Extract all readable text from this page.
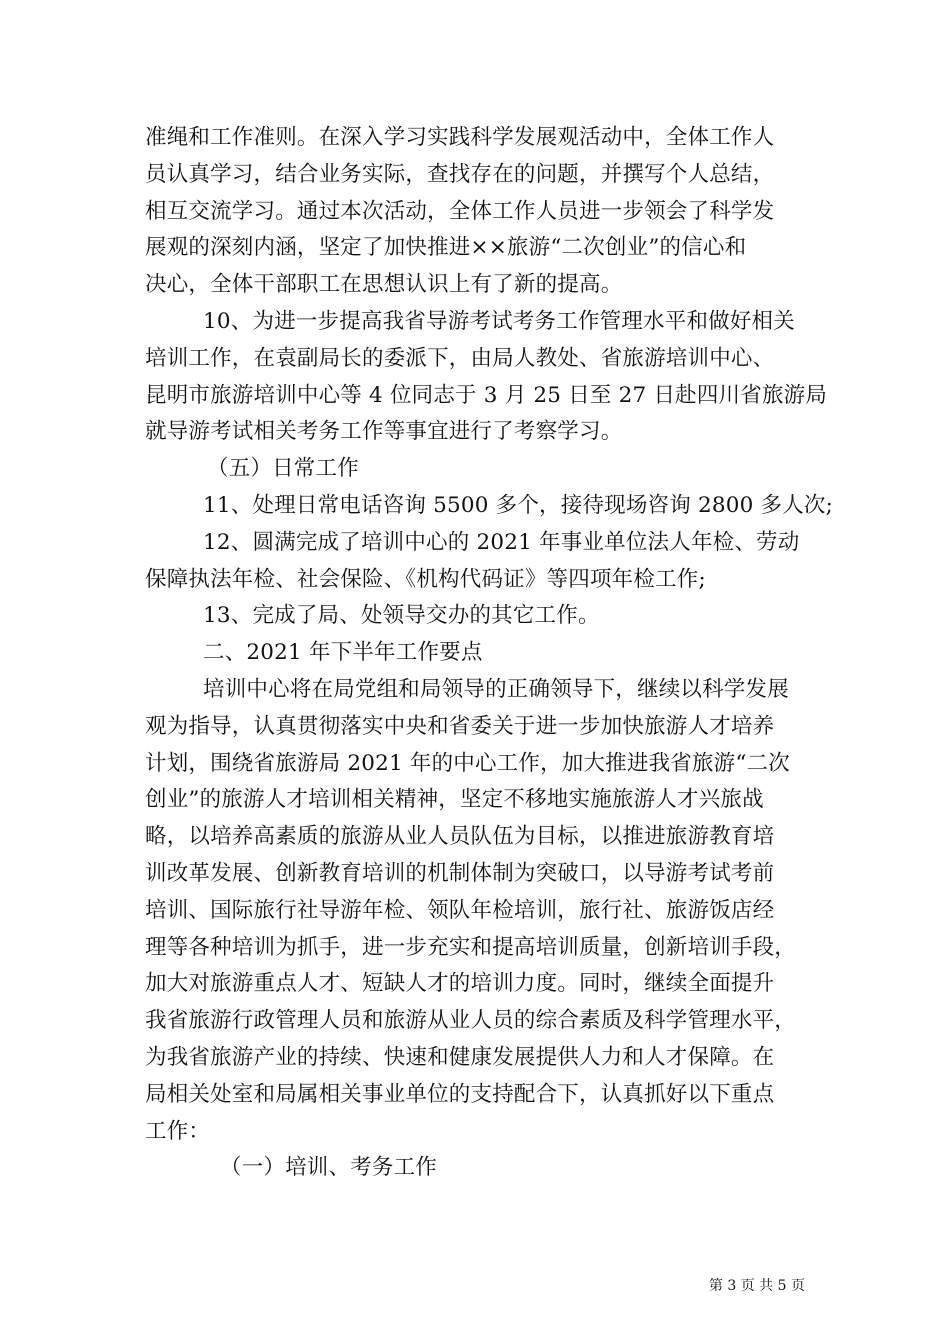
准绳和工作准则。在深入学习实践科学发展观活动中，全体工作人
员认真学习，结合业务实际，查找存在的问题，并撰写个人总结，
相互交流学习。通过本次活动，全体工作人员进一步领会了科学发
展观的深刻内涵，坚定了加快推进××旅游“二次创业”的信心和
决心，全体干部职工在思想认识上有了新的提高。
10、为进一步提高我省导游考试考务工作管理水平和做好相关
培训工作，在袁副局长的委派下，由局人教处、省旅游培训中心、
昆明市旅游培训中心等 4 位同志于 3 月 25 日至 27 日赴四川省旅游局
就导游考试相关考务工作等事宜进行了考察学习。
（五）日常工作
11、处理日常电话咨询 5500 多个，接待现场咨询 2800 多人次;
12、圆满完成了培训中心的 2021 年事业单位法人年检、劳动
保障执法年检、社会保险、《机构代码证》等四项年检工作;
13、完成了局、处领导交办的其它工作。
二、2021 年下半年工作要点
培训中心将在局党组和局领导的正确领导下，继续以科学发展
观为指导，认真贯彻落实中央和省委关于进一步加快旅游人才培养
计划，围绕省旅游局 2021 年的中心工作，加大推进我省旅游“二次
创业”的旅游人才培训相关精神，坚定不移地实施旅游人才兴旅战
略，以培养高素质的旅游从业人员队伍为目标，以推进旅游教育培
训改革发展、创新教育培训的机制体制为突破口，以导游考试考前
培训、国际旅行社导游年检、领队年检培训，旅行社、旅游饭店经
理等各种培训为抓手，进一步充实和提高培训质量，创新培训手段，
加大对旅游重点人才、短缺人才的培训力度。同时，继续全面提升
我省旅游行政管理人员和旅游从业人员的综合素质及科学管理水平，
为我省旅游产业的持续、快速和健康发展提供人力和人才保障。在
局相关处室和局属相关事业单位的支持配合下，认真抓好以下重点
工作：
（一）培训、考务工作
第 3 页 共 5 页
